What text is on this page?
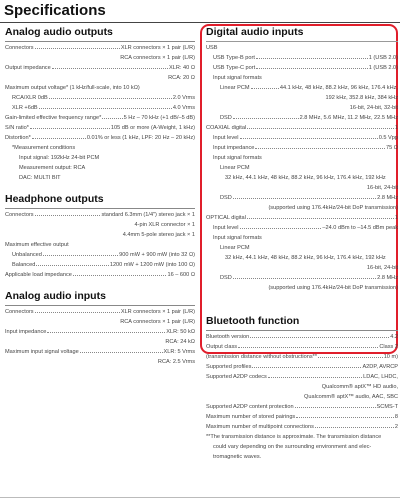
Specifications
Analog audio outputs
Connectors	XLR connectors × 1 pair (L/R)
RCA connectors × 1 pair (L/R)
Output impedance	XLR: 40 Ω
RCA: 20 Ω
Maximum output voltage* (1 kHz/full-scale, into 10 kΩ)
RCA/XLR 0dB	2.0 Vrms
XLR +6dB	4.0 Vrms
Gain-limited effective frequency range*	5 Hz – 70 kHz (+1 dB/–5 dB)
S/N ratio*	105 dB or more (A-Weight, 1 kHz)
Distortion*	0.01% or less (1 kHz, LPF: 20 Hz – 20 kHz)
*Measurement conditions
Input signal: 192kHz 24-bit PCM
Measurement output: RCA
DAC: MULTI BIT
Headphone outputs
Connectors	standard 6.3mm (1/4") stereo jack × 1
4-pin XLR connector × 1
4.4mm 5-pole stereo jack × 1
Maximum effective output
Unbalanced	900 mW + 900 mW (into 32 Ω)
Balanced	1200 mW + 1200 mW (into 100 Ω)
Applicable load impedance	16 – 600 Ω
Analog audio inputs
Connectors	XLR connectors × 1 pair (L/R)
RCA connectors × 1 pair (L/R)
Input impedance	XLR: 50 kΩ
RCA: 24 kΩ
Maximum input signal voltage	XLR: 5 Vrms
RCA: 2.5 Vrms
Digital audio inputs
USB
USB Type-B port	1 (USB 2.0)
USB Type-C port	1 (USB 2.0)
Input signal formats
Linear PCM	44.1 kHz, 48 kHz, 88.2 kHz, 96 kHz, 176.4 kHz,
192 kHz, 352.8 kHz, 384 kHz
16-bit, 24-bit, 32-bit
DSD	2.8 MHz, 5.6 MHz, 11.2 MHz, 22.5 MHz
COAXIAL digital	1
Input level	0.5 Vpp
Input impedance	75 Ω
Input signal formats
Linear PCM
32 kHz, 44.1 kHz, 48 kHz, 88.2 kHz, 96 kHz, 176.4 kHz, 192 kHz
16-bit, 24-bit
DSD	2.8 MHz
(supported using 176.4kHz/24-bit DoP transmission)
OPTICAL digital	1
Input level	–24.0 dBm to –14.5 dBm peak
Input signal formats
Linear PCM
32 kHz, 44.1 kHz, 48 kHz, 88.2 kHz, 96 kHz, 176.4 kHz, 192 kHz
16-bit, 24-bit
DSD	2.8 MHz
(supported using 176.4kHz/24-bit DoP transmission)
Bluetooth function
Bluetooth version	4.2
Output class	Class 2
(transmission distance without obstructions**	10 m)
Supported profiles	A2DP, AVRCP
Supported A2DP codecs	LDAC, LHDC,
Qualcomm® aptX™ HD audio,
Qualcomm® aptX™ audio, AAC, SBC
Supported A2DP content protection	SCMS-T
Maximum number of stored pairings	8
Maximum number of multipoint connections	2
**The transmission distance is approximate. The transmission distance
could vary depending on the surrounding environment and elec-
tromagnetic waves.
